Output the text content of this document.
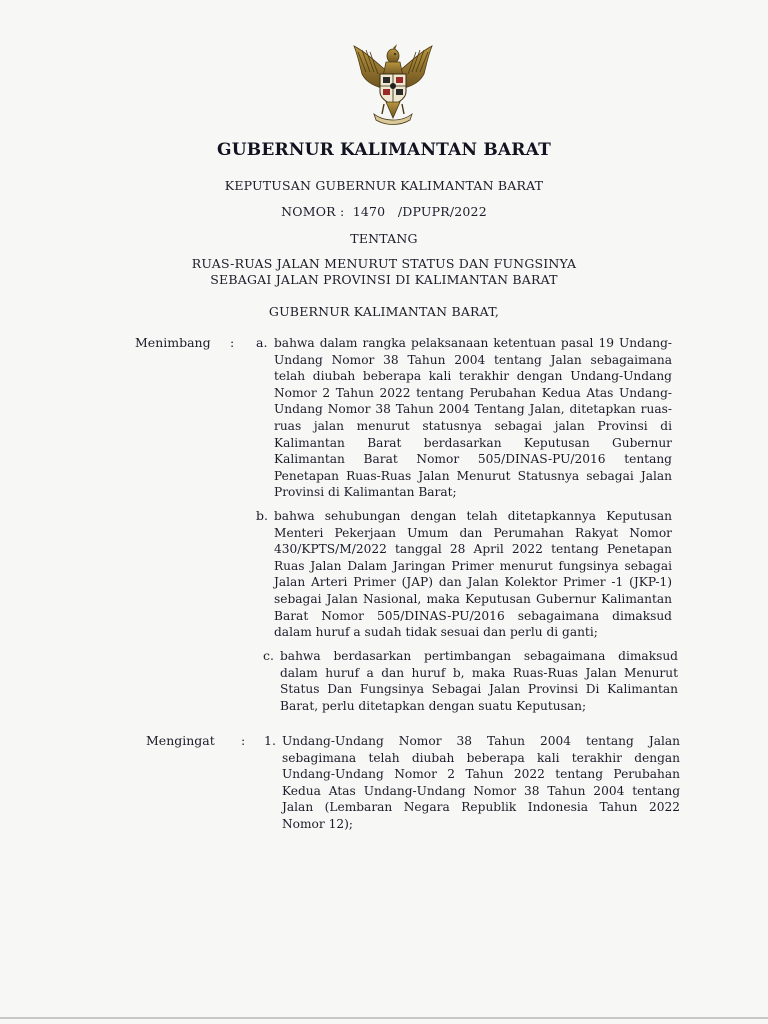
GUBERNUR KALIMANTAN BARAT
KEPUTUSAN GUBERNUR KALIMANTAN BARAT
NOMOR :  1470   /DPUPR/2022
TENTANG
RUAS-RUAS JALAN MENURUT STATUS DAN FUNGSINYA
SEBAGAI JALAN PROVINSI DI KALIMANTAN BARAT
GUBERNUR KALIMANTAN BARAT,
Menimbang : a. bahwa dalam rangka pelaksanaan ketentuan pasal 19 Undang-Undang Nomor 38 Tahun 2004 tentang Jalan sebagaimana telah diubah beberapa kali terakhir dengan Undang-Undang Nomor 2 Tahun 2022 tentang Perubahan Kedua Atas Undang-Undang Nomor 38 Tahun 2004 Tentang Jalan, ditetapkan ruas-ruas jalan menurut statusnya sebagai jalan Provinsi di Kalimantan Barat berdasarkan Keputusan Gubernur Kalimantan Barat Nomor 505/DINAS-PU/2016 tentang Penetapan Ruas-Ruas Jalan Menurut Statusnya sebagai Jalan Provinsi di Kalimantan Barat;
b. bahwa sehubungan dengan telah ditetapkannya Keputusan Menteri Pekerjaan Umum dan Perumahan Rakyat Nomor 430/KPTS/M/2022 tanggal 28 April 2022 tentang Penetapan Ruas Jalan Dalam Jaringan Primer menurut fungsinya sebagai Jalan Arteri Primer (JAP) dan Jalan Kolektor Primer -1 (JKP-1) sebagai Jalan Nasional, maka Keputusan Gubernur Kalimantan Barat Nomor 505/DINAS-PU/2016 sebagaimana dimaksud dalam huruf a sudah tidak sesuai dan perlu di ganti;
c. bahwa berdasarkan pertimbangan sebagaimana dimaksud dalam huruf a dan huruf b, maka Ruas-Ruas Jalan Menurut Status Dan Fungsinya Sebagai Jalan Provinsi Di Kalimantan Barat, perlu ditetapkan dengan suatu Keputusan;
Mengingat : 1. Undang-Undang Nomor 38 Tahun 2004 tentang Jalan sebagimana telah diubah beberapa kali terakhir dengan Undang-Undang Nomor 2 Tahun 2022 tentang Perubahan Kedua Atas Undang-Undang Nomor 38 Tahun 2004 tentang Jalan (Lembaran Negara Republik Indonesia Tahun 2022 Nomor 12);
